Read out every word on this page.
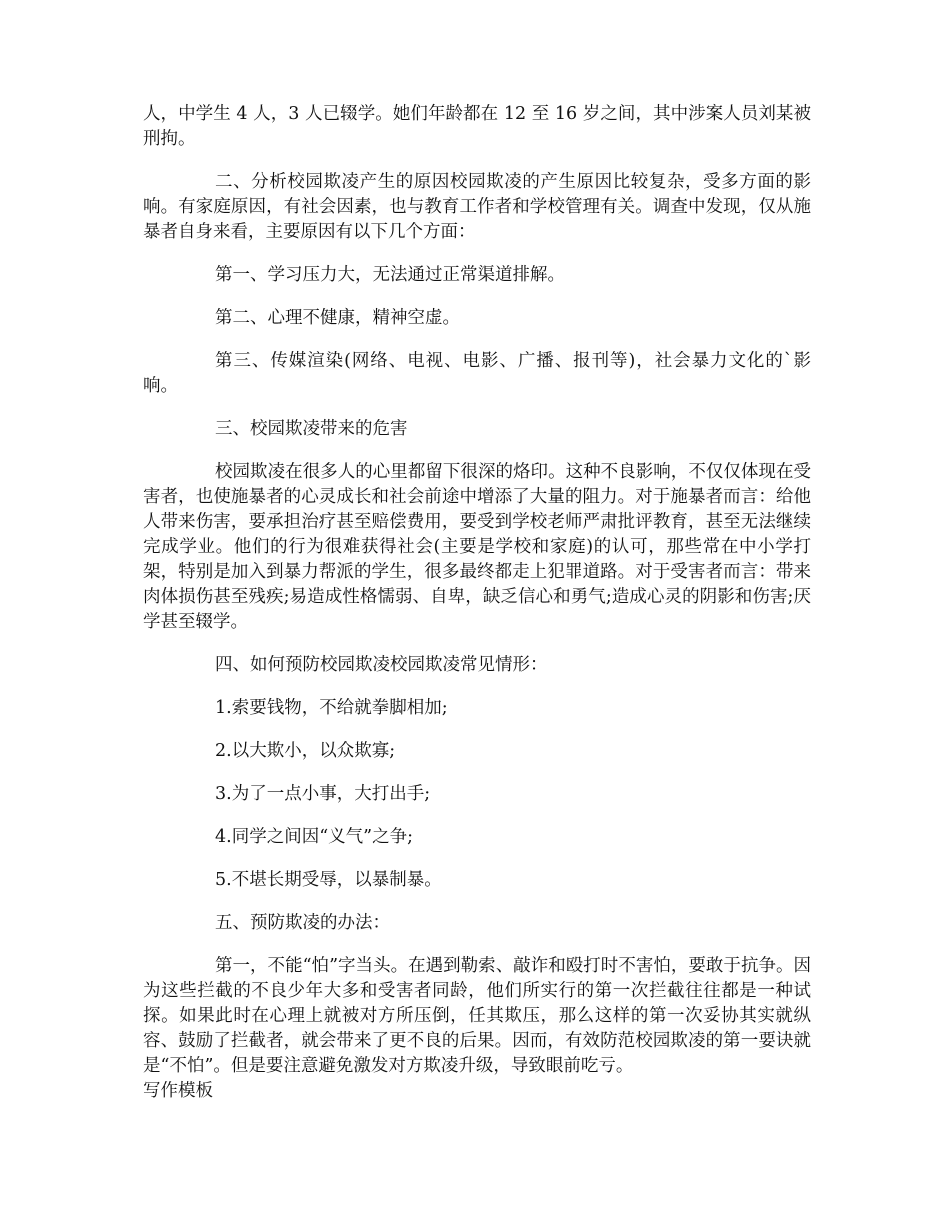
人，中学生 4 人，3 人已辍学。她们年龄都在 12 至 16 岁之间，其中涉案人员刘某被刑拘。

二、分析校园欺凌产生的原因校园欺凌的产生原因比较复杂，受多方面的影响。有家庭原因，有社会因素，也与教育工作者和学校管理有关。调查中发现，仅从施暴者自身来看，主要原因有以下几个方面：

第一、学习压力大，无法通过正常渠道排解。

第二、心理不健康，精神空虚。

第三、传媒渲染(网络、电视、电影、广播、报刊等)，社会暴力文化的`影响。

三、校园欺凌带来的危害

校园欺凌在很多人的心里都留下很深的烙印。这种不良影响，不仅仅体现在受害者，也使施暴者的心灵成长和社会前途中增添了大量的阻力。对于施暴者而言：给他人带来伤害，要承担治疗甚至赔偿费用，要受到学校老师严肃批评教育，甚至无法继续完成学业。他们的行为很难获得社会(主要是学校和家庭)的认可，那些常在中小学打架，特别是加入到暴力帮派的学生，很多最终都走上犯罪道路。对于受害者而言：带来肉体损伤甚至残疾;易造成性格懦弱、自卑，缺乏信心和勇气;造成心灵的阴影和伤害;厌学甚至辍学。

四、如何预防校园欺凌校园欺凌常见情形：

1.索要钱物，不给就拳脚相加;

2.以大欺小，以众欺寡;

3.为了一点小事，大打出手;

4.同学之间因“义气”之争;

5.不堪长期受辱，以暴制暴。

五、预防欺凌的办法：

第一，不能“怕”字当头。在遇到勒索、敲诈和殴打时不害怕，要敢于抗争。因为这些拦截的不良少年大多和受害者同龄，他们所实行的第一次拦截往往都是一种试探。如果此时在心理上就被对方所压倒，任其欺压，那么这样的第一次妥协其实就纵容、鼓励了拦截者，就会带来了更不良的后果。因而，有效防范校园欺凌的第一要诀就是“不怕”。但是要注意避免激发对方欺凌升级，导致眼前吃亏。

写作模板
